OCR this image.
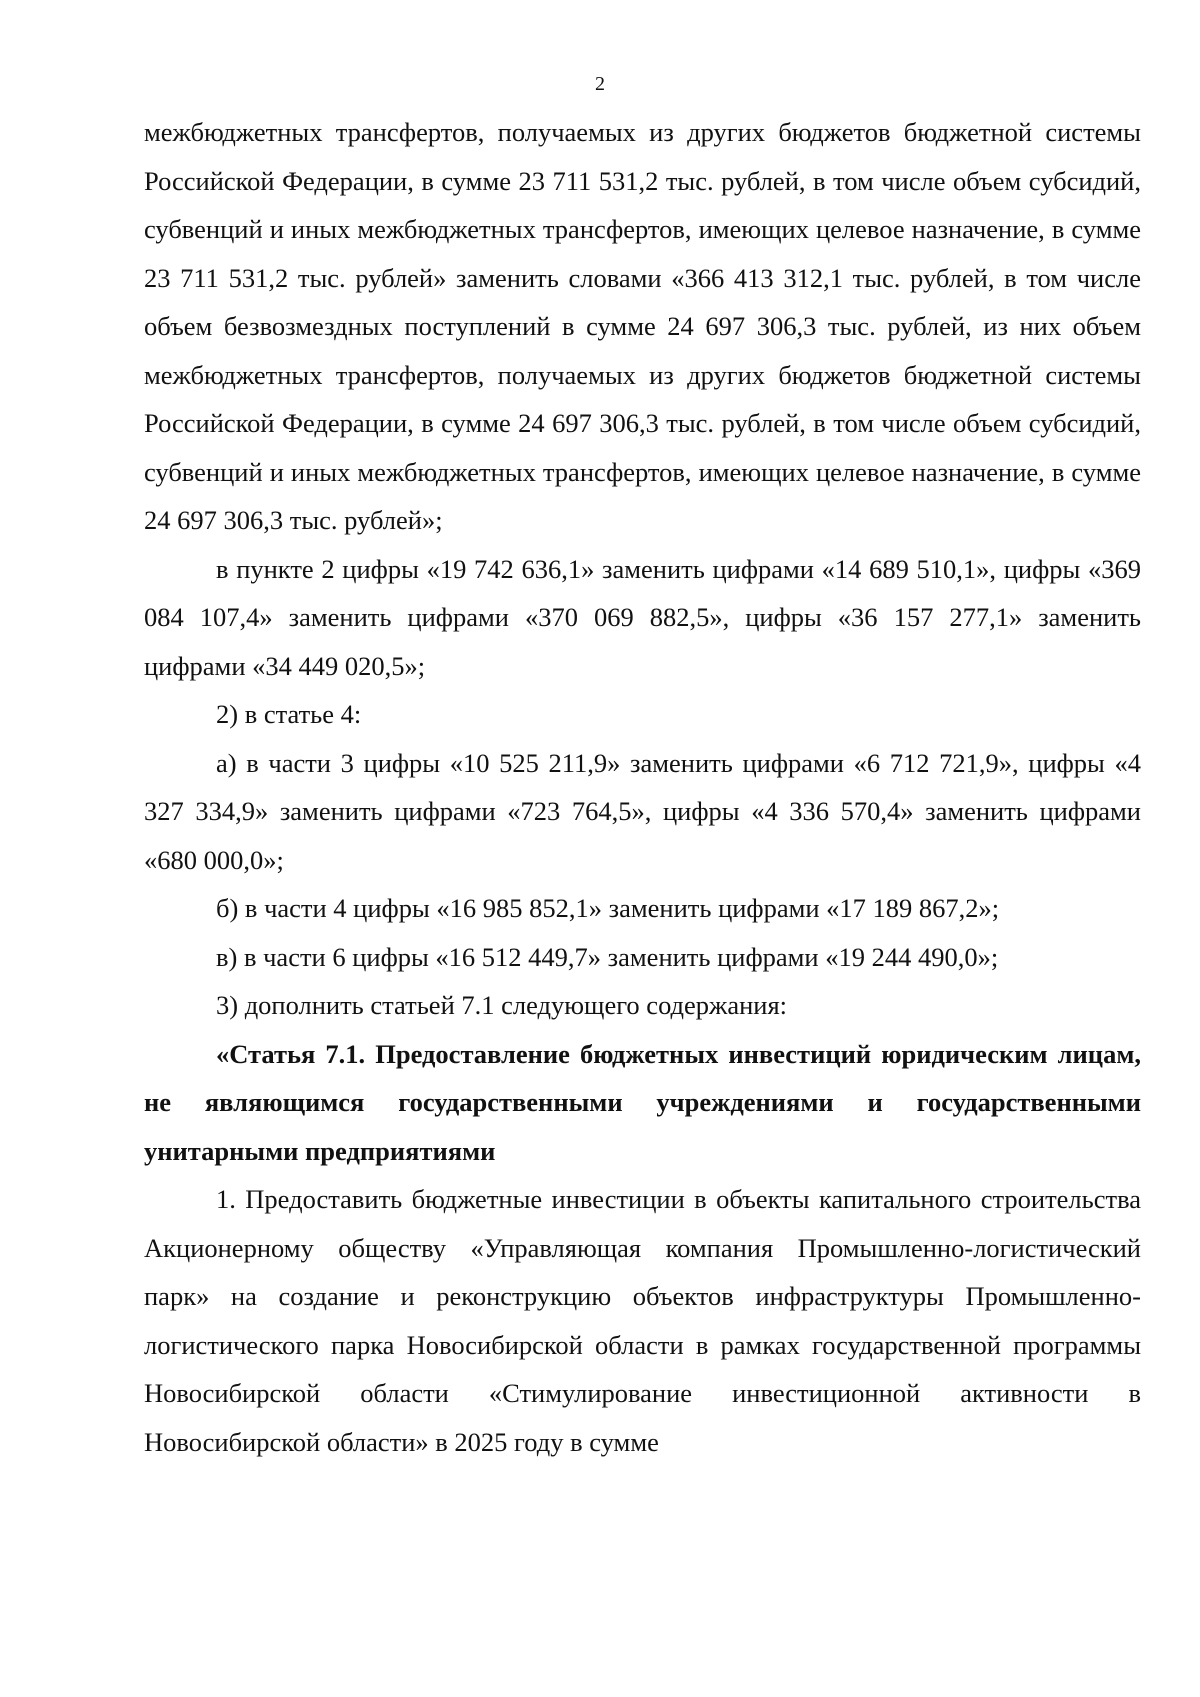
2

межбюджетных трансфертов, получаемых из других бюджетов бюджетной системы Российской Федерации, в сумме 23 711 531,2 тыс. рублей, в том числе объем субсидий, субвенций и иных межбюджетных трансфертов, имеющих целевое назначение, в сумме 23 711 531,2 тыс. рублей» заменить словами «366 413 312,1 тыс. рублей, в том числе объем безвозмездных поступлений в сумме 24 697 306,3 тыс. рублей, из них объем межбюджетных трансфертов, получаемых из других бюджетов бюджетной системы Российской Федерации, в сумме 24 697 306,3 тыс. рублей, в том числе объем субсидий, субвенций и иных межбюджетных трансфертов, имеющих целевое назначение, в сумме 24 697 306,3 тыс. рублей»;

в пункте 2 цифры «19 742 636,1» заменить цифрами «14 689 510,1», цифры «369 084 107,4» заменить цифрами «370 069 882,5», цифры «36 157 277,1» заменить цифрами «34 449 020,5»;

2) в статье 4:

а) в части 3 цифры «10 525 211,9» заменить цифрами «6 712 721,9», цифры «4 327 334,9» заменить цифрами «723 764,5», цифры «4 336 570,4» заменить цифрами «680 000,0»;

б) в части 4 цифры «16 985 852,1» заменить цифрами «17 189 867,2»;

в) в части 6 цифры «16 512 449,7» заменить цифрами «19 244 490,0»;

3) дополнить статьей 7.1 следующего содержания:

«Статья 7.1. Предоставление бюджетных инвестиций юридическим лицам, не являющимся государственными учреждениями и государственными унитарными предприятиями

1. Предоставить бюджетные инвестиции в объекты капитального строительства Акционерному обществу «Управляющая компания Промышленно-логистический парк» на создание и реконструкцию объектов инфраструктуры Промышленно-логистического парка Новосибирской области в рамках государственной программы Новосибирской области «Стимулирование инвестиционной активности в Новосибирской области» в 2025 году в сумме
